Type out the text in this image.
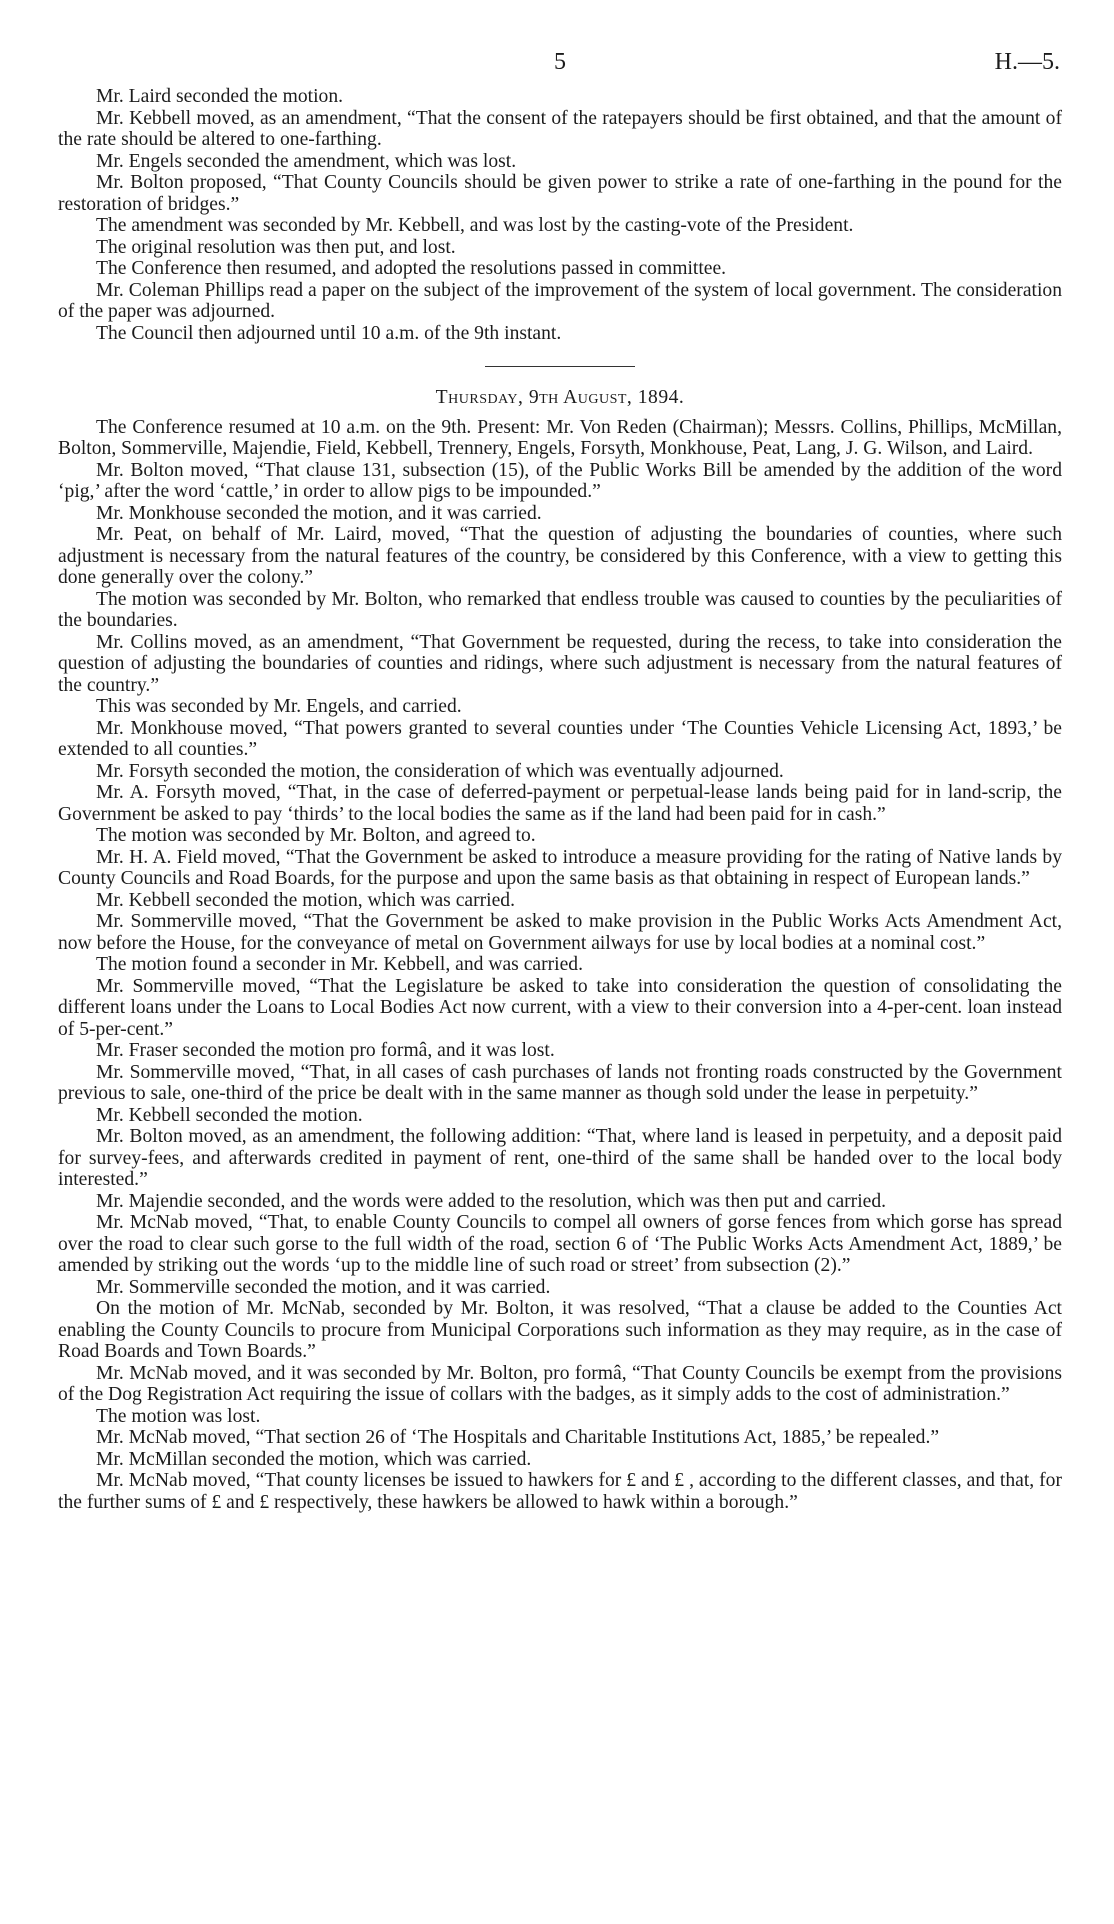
5	H.—5.

Mr. Laird seconded the motion.

Mr. Kebbell moved, as an amendment, “That the consent of the ratepayers should be first obtained, and that the amount of the rate should be altered to one-farthing.

Mr. Engels seconded the amendment, which was lost.

Mr. Bolton proposed, “That County Councils should be given power to strike a rate of one-farthing in the pound for the restoration of bridges.”

The amendment was seconded by Mr. Kebbell, and was lost by the casting-vote of the President.

The original resolution was then put, and lost.

The Conference then resumed, and adopted the resolutions passed in committee.

Mr. Coleman Phillips read a paper on the subject of the improvement of the system of local government. The consideration of the paper was adjourned.

The Council then adjourned until 10 a.m. of the 9th instant.

Thursday, 9th August, 1894.

The Conference resumed at 10 a.m. on the 9th. Present: Mr. Von Reden (Chairman); Messrs. Collins, Phillips, McMillan, Bolton, Sommerville, Majendie, Field, Kebbell, Trennery, Engels, Forsyth, Monkhouse, Peat, Lang, J. G. Wilson, and Laird.

Mr. Bolton moved, “That clause 131, subsection (15), of the Public Works Bill be amended by the addition of the word ‘pig,’ after the word ‘cattle,’ in order to allow pigs to be impounded.”

Mr. Monkhouse seconded the motion, and it was carried.

Mr. Peat, on behalf of Mr. Laird, moved, “That the question of adjusting the boundaries of counties, where such adjustment is necessary from the natural features of the country, be considered by this Conference, with a view to getting this done generally over the colony.”

The motion was seconded by Mr. Bolton, who remarked that endless trouble was caused to counties by the peculiarities of the boundaries.

Mr. Collins moved, as an amendment, “That Government be requested, during the recess, to take into consideration the question of adjusting the boundaries of counties and ridings, where such adjustment is necessary from the natural features of the country.”

This was seconded by Mr. Engels, and carried.

Mr. Monkhouse moved, “That powers granted to several counties under ‘The Counties Vehicle Licensing Act, 1893,’ be extended to all counties.”

Mr. Forsyth seconded the motion, the consideration of which was eventually adjourned.

Mr. A. Forsyth moved, “That, in the case of deferred-payment or perpetual-lease lands being paid for in land-scrip, the Government be asked to pay ‘thirds’ to the local bodies the same as if the land had been paid for in cash.”

The motion was seconded by Mr. Bolton, and agreed to.

Mr. H. A. Field moved, “That the Government be asked to introduce a measure providing for the rating of Native lands by County Councils and Road Boards, for the purpose and upon the same basis as that obtaining in respect of European lands.”

Mr. Kebbell seconded the motion, which was carried.

Mr. Sommerville moved, “That the Government be asked to make provision in the Public Works Acts Amendment Act, now before the House, for the conveyance of metal on Government ailways for use by local bodies at a nominal cost.”

The motion found a seconder in Mr. Kebbell, and was carried.

Mr. Sommerville moved, “That the Legislature be asked to take into consideration the question of consolidating the different loans under the Loans to Local Bodies Act now current, with a view to their conversion into a 4-per-cent. loan instead of 5-per-cent.”

Mr. Fraser seconded the motion pro formâ, and it was lost.

Mr. Sommerville moved, “That, in all cases of cash purchases of lands not fronting roads constructed by the Government previous to sale, one-third of the price be dealt with in the same manner as though sold under the lease in perpetuity.”

Mr. Kebbell seconded the motion.

Mr. Bolton moved, as an amendment, the following addition: “That, where land is leased in perpetuity, and a deposit paid for survey-fees, and afterwards credited in payment of rent, one-third of the same shall be handed over to the local body interested.”

Mr. Majendie seconded, and the words were added to the resolution, which was then put and carried.

Mr. McNab moved, “That, to enable County Councils to compel all owners of gorse fences from which gorse has spread over the road to clear such gorse to the full width of the road, section 6 of ‘The Public Works Acts Amendment Act, 1889,’ be amended by striking out the words ‘up to the middle line of such road or street’ from subsection (2).”

Mr. Sommerville seconded the motion, and it was carried.

On the motion of Mr. McNab, seconded by Mr. Bolton, it was resolved, “That a clause be added to the Counties Act enabling the County Councils to procure from Municipal Corporations such information as they may require, as in the case of Road Boards and Town Boards.”

Mr. McNab moved, and it was seconded by Mr. Bolton, pro formâ, “That County Councils be exempt from the provisions of the Dog Registration Act requiring the issue of collars with the badges, as it simply adds to the cost of administration.”

The motion was lost.

Mr. McNab moved, “That section 26 of ‘The Hospitals and Charitable Institutions Act, 1885,’ be repealed.”

Mr. McMillan seconded the motion, which was carried.

Mr. McNab moved, “That county licenses be issued to hawkers for £ and £ , according to the different classes, and that, for the further sums of £ and £ respectively, these hawkers be allowed to hawk within a borough.”
